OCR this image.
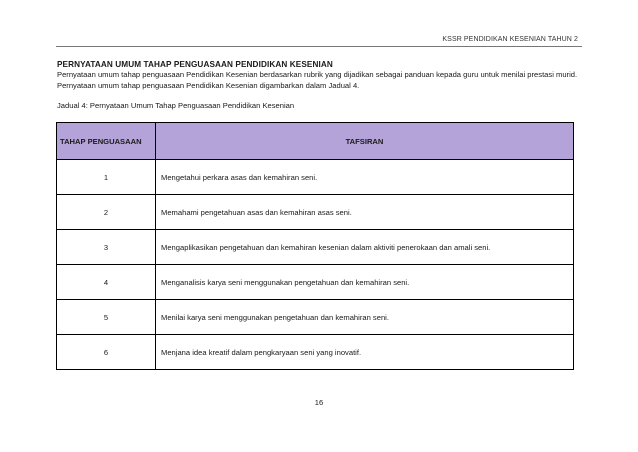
KSSR PENDIDIKAN KESENIAN TAHUN 2
PERNYATAAN UMUM TAHAP PENGUASAAN PENDIDIKAN KESENIAN
Pernyataan umum tahap penguasaan Pendidikan Kesenian berdasarkan rubrik yang dijadikan sebagai panduan kepada guru untuk menilai prestasi murid. Pernyataan umum tahap penguasaan Pendidikan Kesenian digambarkan dalam Jadual 4.
Jadual 4: Pernyataan Umum Tahap Penguasaan Pendidikan Kesenian
TAHAP PENGUASAAN	TAFSIRAN
1	Mengetahui perkara asas dan kemahiran seni.
2	Memahami pengetahuan asas dan kemahiran asas seni.
3	Mengaplikasikan pengetahuan dan kemahiran kesenian dalam aktiviti penerokaan dan amali seni.
4	Menganalisis karya seni menggunakan pengetahuan dan kemahiran seni.
5	Menilai karya seni menggunakan pengetahuan dan kemahiran seni.
6	Menjana idea kreatif dalam pengkaryaan seni yang inovatif.
16
